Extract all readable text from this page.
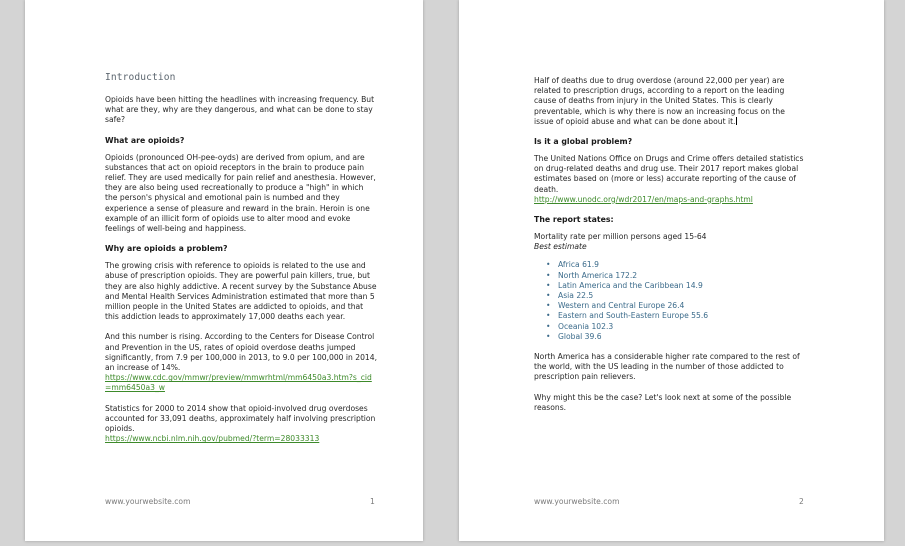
Introduction

Opioids have been hitting the headlines with increasing frequency. But what are they, why are they dangerous, and what can be done to stay safe?

What are opioids?

Opioids (pronounced OH-pee-oyds) are derived from opium, and are substances that act on opioid receptors in the brain to produce pain relief. They are used medically for pain relief and anesthesia. However, they are also being used recreationally to produce a "high" in which the person's physical and emotional pain is numbed and they experience a sense of pleasure and reward in the brain. Heroin is one example of an illicit form of opioids use to alter mood and evoke feelings of well-being and happiness.

Why are opioids a problem?

The growing crisis with reference to opioids is related to the use and abuse of prescription opioids. They are powerful pain killers, true, but they are also highly addictive. A recent survey by the Substance Abuse and Mental Health Services Administration estimated that more than 5 million people in the United States are addicted to opioids, and that this addiction leads to approximately 17,000 deaths each year.

And this number is rising. According to the Centers for Disease Control and Prevention in the US, rates of opioid overdose deaths jumped significantly, from 7.9 per 100,000 in 2013, to 9.0 per 100,000 in 2014, an increase of 14%.

https://www.cdc.gov/mmwr/preview/mmwrhtml/mm6450a3.htm?s_cid=mm6450a3_w

Statistics for 2000 to 2014 show that opioid-involved drug overdoses accounted for 33,091 deaths, approximately half involving prescription opioids.

https://www.ncbi.nlm.nih.gov/pubmed/?term=28033313

www.yourwebsite.com	1

Half of deaths due to drug overdose (around 22,000 per year) are related to prescription drugs, according to a report on the leading cause of deaths from injury in the United States. This is clearly preventable, which is why there is now an increasing focus on the issue of opioid abuse and what can be done about it.

Is it a global problem?

The United Nations Office on Drugs and Crime offers detailed statistics on drug-related deaths and drug use. Their 2017 report makes global estimates based on (more or less) accurate reporting of the cause of death.

http://www.unodc.org/wdr2017/en/maps-and-graphs.html

The report states:

Mortality rate per million persons aged 15-64

Best estimate

• Africa 61.9
• North America 172.2
• Latin America and the Caribbean 14.9
• Asia 22.5
• Western and Central Europe 26.4
• Eastern and South-Eastern Europe 55.6
• Oceania 102.3
• Global 39.6

North America has a considerable higher rate compared to the rest of the world, with the US leading in the number of those addicted to prescription pain relievers.

Why might this be the case? Let's look next at some of the possible reasons.

www.yourwebsite.com	2
